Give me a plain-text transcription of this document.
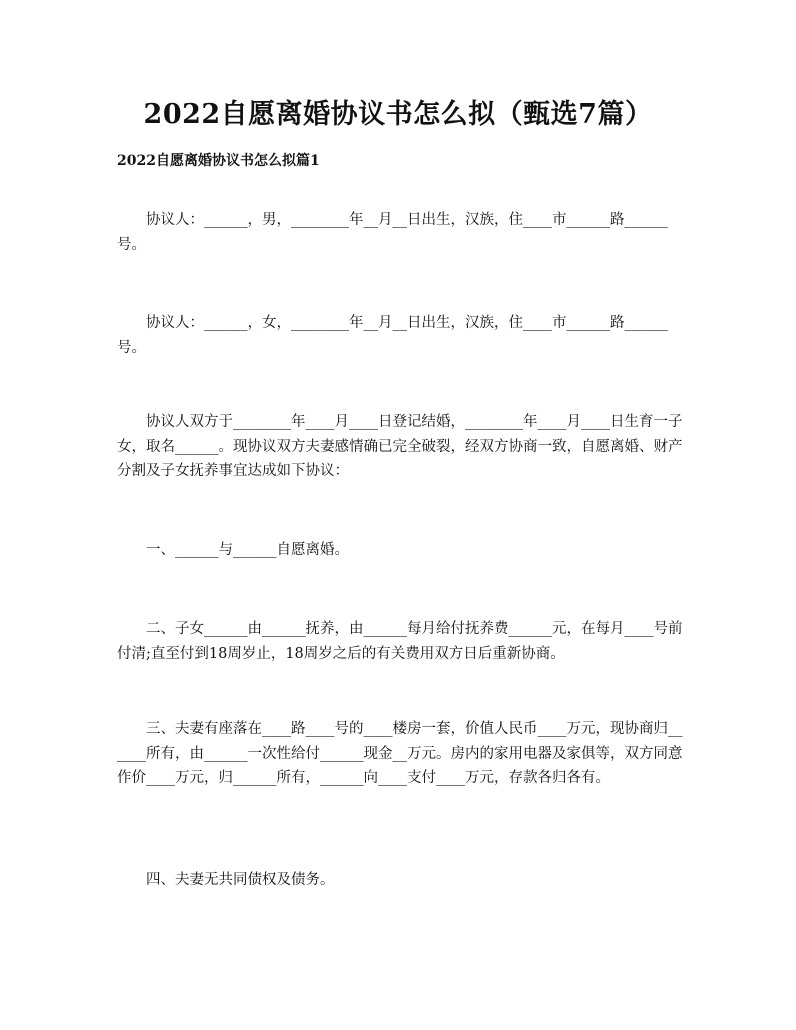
2022自愿离婚协议书怎么拟（甄选7篇）
2022自愿离婚协议书怎么拟篇1

协议人：______，男，________年__月__日出生，汉族，住____市______路______号。

协议人：______，女，________年__月__日出生，汉族，住____市______路______号。

协议人双方于________年____月____日登记结婚，________年____月____日生育一子女，取名______。现协议双方夫妻感情确已完全破裂，经双方协商一致，自愿离婚、财产分割及子女抚养事宜达成如下协议：

一、______与______自愿离婚。

二、子女______由______抚养，由______每月给付抚养费______元，在每月____号前付清;直至付到18周岁止，18周岁之后的有关费用双方日后重新协商。

三、夫妻有座落在____路____号的____楼房一套，价值人民币____万元，现协商归______所有，由______一次性给付______现金__万元。房内的家用电器及家俱等，双方同意作价____万元，归______所有，______向____支付____万元，存款各归各有。

四、夫妻无共同债权及债务。
